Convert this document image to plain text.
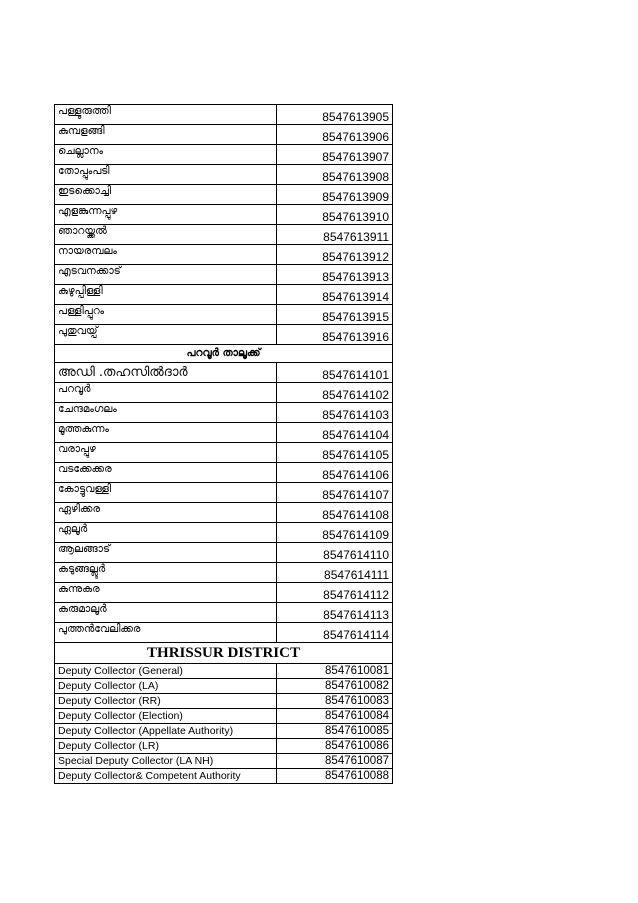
പള്ളുരുത്തി	8547613905
കുമ്പളങ്ങി	8547613906
ചെല്ലാനം	8547613907
തോപ്പുംപടി	8547613908
ഇടക്കൊച്ചി	8547613909
എളങ്കുന്നപ്പുഴ	8547613910
ഞാറയ്ക്കൽ	8547613911
നായരമ്പലം	8547613912
എടവനക്കാട്	8547613913
കുഴുപ്പിള്ളി	8547613914
പള്ളിപ്പുറം	8547613915
പുതുവയ്പ്	8547613916
പറവൂർ താലൂക്ക്	
അഡി .തഹസിൽദാർ	8547614101
പറവൂർ	8547614102
ചേന്ദമംഗലം	8547614103
മൂത്തകുന്നം	8547614104
വരാപ്പുഴ	8547614105
വടക്കേക്കര	8547614106
കോട്ടുവള്ളി	8547614107
ഏഴിക്കര	8547614108
ഏലൂർ	8547614109
ആലങ്ങാട്	8547614110
കടുങ്ങല്ലൂർ	8547614111
കുന്നുകര	8547614112
കരുമാലൂർ	8547614113
പുത്തൻവേലിക്കര	8547614114
THRISSUR DISTRICT	
Deputy Collector (General)	8547610081
Deputy Collector (LA)	8547610082
Deputy Collector (RR)	8547610083
Deputy Collector (Election)	8547610084
Deputy Collector (Appellate Authority)	8547610085
Deputy Collector (LR)	8547610086
Special Deputy Collector (LA NH)	8547610087
Deputy Collector& Competent Authority	8547610088
